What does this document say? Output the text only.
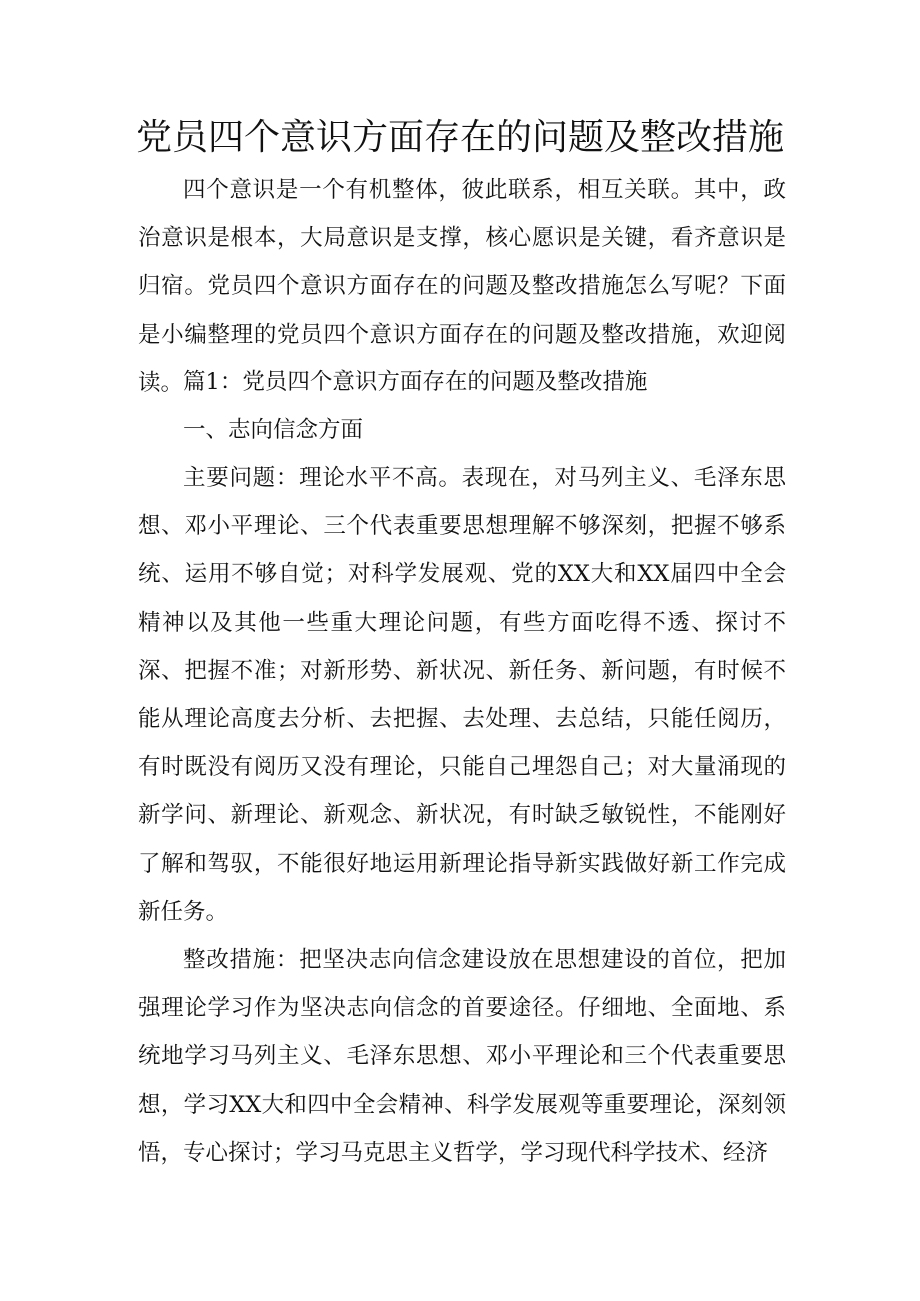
党员四个意识方面存在的问题及整改措施

四个意识是一个有机整体，彼此联系，相互关联。其中，政治意识是根本，大局意识是支撑，核心愿识是关键，看齐意识是归宿。党员四个意识方面存在的问题及整改措施怎么写呢？下面是小编整理的党员四个意识方面存在的问题及整改措施，欢迎阅读。 篇1：党员四个意识方面存在的问题及整改措施

一、志向信念方面

主要问题：理论水平不高。表现在，对马列主义、毛泽东思想、邓小平理论、三个代表重要思想理解不够深刻，把握不够系统、运用不够自觉；对科学发展观、党的XX大和XX届四中全会精神以及其他一些重大理论问题，有些方面吃得不透、探讨不深、把握不准；对新形势、新状况、新任务、新问题，有时候不能从理论高度去分析、去把握、去处理、去总结，只能任阅历，有时既没有阅历又没有理论，只能自己埋怨自己；对大量涌现的新学问、新理论、新观念、新状况，有时缺乏敏锐性，不能刚好了解和驾驭，不能很好地运用新理论指导新实践做好新工作完成新任务。

整改措施：把坚决志向信念建设放在思想建设的首位，把加强理论学习作为坚决志向信念的首要途径。仔细地、全面地、系统地学习马列主义、毛泽东思想、邓小平理论和三个代表重要思想，学习XX大和四中全会精神、科学发展观等重要理论，深刻领悟，专心探讨；学习马克思主义哲学，学习现代科学技术、经济
